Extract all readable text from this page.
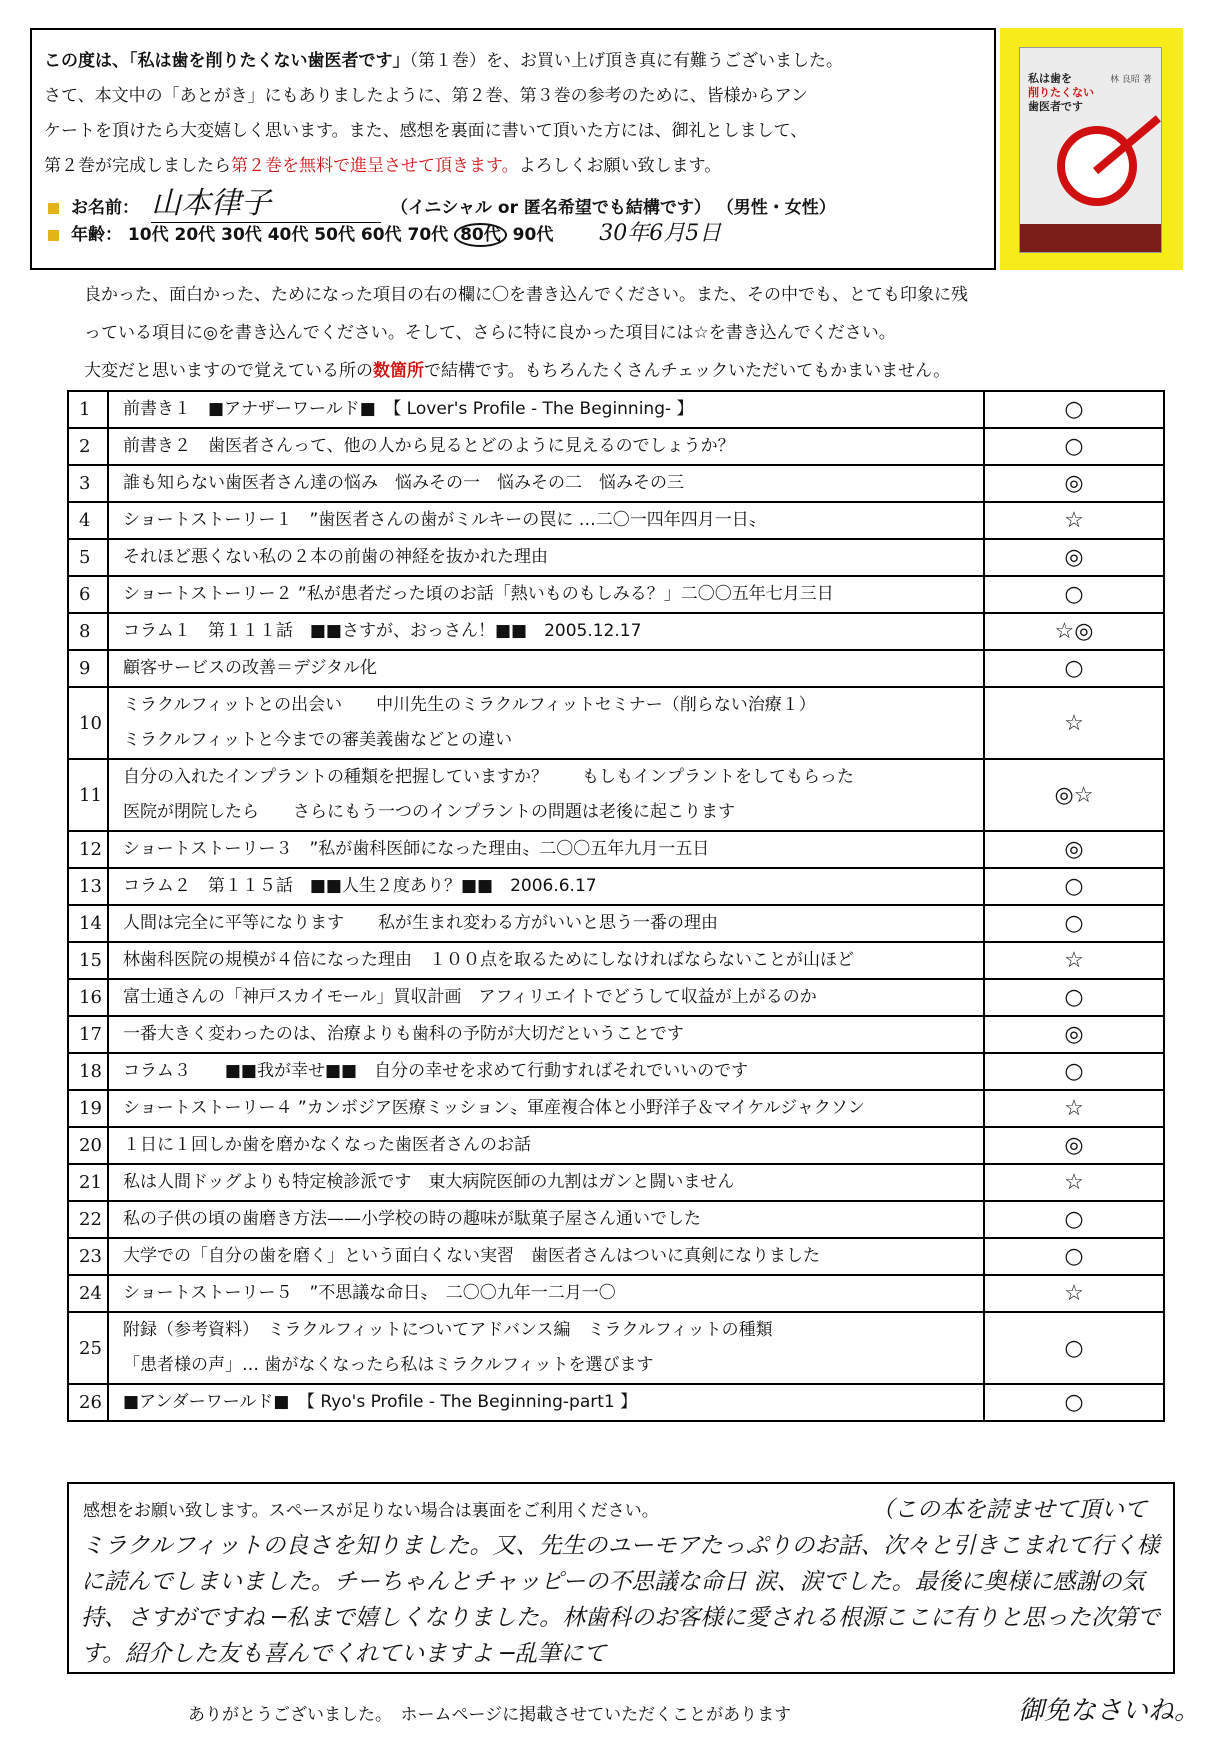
この度は、「私は歯を削りたくない歯医者です」（第１巻）を、お買い上げ頂き真に有難うございました。
さて、本文中の「あとがき」にもありましたように、第２巻、第３巻の参考のために、皆様からアン
ケートを頂けたら大変嬉しく思います。また、感想を裏面に書いて頂いた方には、御礼としまして、
第２巻が完成しましたら第２巻を無料で進呈させて頂きます。よろしくお願い致します。
お名前： 山本律子	（イニシャル or 匿名希望でも結構です） （男性・女性）
年齢： 10代 20代 30代 40代 50代 60代 70代 80代 90代 30年6月5日
私は歯を
削りたくない
歯医者です
林 良昭 著
良かった、面白かった、ためになった項目の右の欄に〇を書き込んでください。また、その中でも、とても印象に残
っている項目に◎を書き込んでください。そして、さらに特に良かった項目には☆を書き込んでください。
大変だと思いますので覚えている所の数箇所で結構です。もちろんたくさんチェックいただいてもかまいません。
1	前書き１　■アナザーワールド■　【 Lover's Profile - The Beginning- 】	○
2	前書き２　歯医者さんって、他の人から見るとどのように見えるのでしょうか？	○
3	誰も知らない歯医者さん達の悩み　悩みその一　悩みその二　悩みその三	◎
4	ショートストーリー１　”歯医者さんの歯がミルキーの罠に …二〇一四年四月一日〟	☆
5	それほど悪くない私の２本の前歯の神経を抜かれた理由	◎
6	ショートストーリー２ ”私が患者だった頃のお話「熱いものもしみる？」二〇〇五年七月三日	○
8	コラム１　第１１１話　■■さすが、おっさん！■■　2005.12.17	☆◎
9	顧客サービスの改善＝デジタル化	○
10	ミラクルフィットとの出会い　　中川先生のミラクルフィットセミナー（削らない治療１）
ミラクルフィットと今までの審美義歯などとの違い	☆
11	自分の入れたインプラントの種類を把握していますか？　　もしもインプラントをしてもらった
医院が閉院したら　　さらにもう一つのインプラントの問題は老後に起こります	◎☆
12	ショートストーリー３　”私が歯科医師になった理由〟二〇〇五年九月一五日	◎
13	コラム２　第１１５話　■■人生２度あり？■■　2006.6.17	○
14	人間は完全に平等になります　　私が生まれ変わる方がいいと思う一番の理由	○
15	林歯科医院の規模が４倍になった理由　１００点を取るためにしなければならないことが山ほど	☆
16	富士通さんの「神戸スカイモール」買収計画　アフィリエイトでどうして収益が上がるのか	○
17	一番大きく変わったのは、治療よりも歯科の予防が大切だということです	◎
18	コラム３　　■■我が幸せ■■　自分の幸せを求めて行動すればそれでいいのです	○
19	ショートストーリー４ ”カンボジア医療ミッション〟軍産複合体と小野洋子＆マイケルジャクソン	☆
20	１日に１回しか歯を磨かなくなった歯医者さんのお話	◎
21	私は人間ドッグよりも特定検診派です　東大病院医師の九割はガンと闘いません	☆
22	私の子供の頃の歯磨き方法——小学校の時の趣味が駄菓子屋さん通いでした	○
23	大学での「自分の歯を磨く」という面白くない実習　歯医者さんはついに真剣になりました	○
24	ショートストーリー５　”不思議な命日〟　二〇〇九年一二月一〇	☆
25	附録（参考資料）　ミラクルフィットについてアドバンス編　ミラクルフィットの種類
「患者様の声」… 歯がなくなったら私はミラクルフィットを選びます	○
26	■アンダーワールド■　【 Ryo's Profile - The Beginning-part1 】	○
感想をお願い致します。スペースが足りない場合は裏面をご利用ください。	（この本を読ませて頂いてミラクルフィットの良さを知りました。又、先生のユーモアたっぷりのお話、次々と引きこまれて行く様に読んでしまいました。チーちゃんとチャッピーの不思議な命日 涙、涙でした。最後に奥様に感謝の気持、さすがですね ─私まで嬉しくなりました。林歯科のお客様に愛される根源ここに有りと思った次第です。紹介した友も喜んでくれていますよ ─乱筆にて
ありがとうございました。　ホームページに掲載させていただくことがあります	御免なさいね。
